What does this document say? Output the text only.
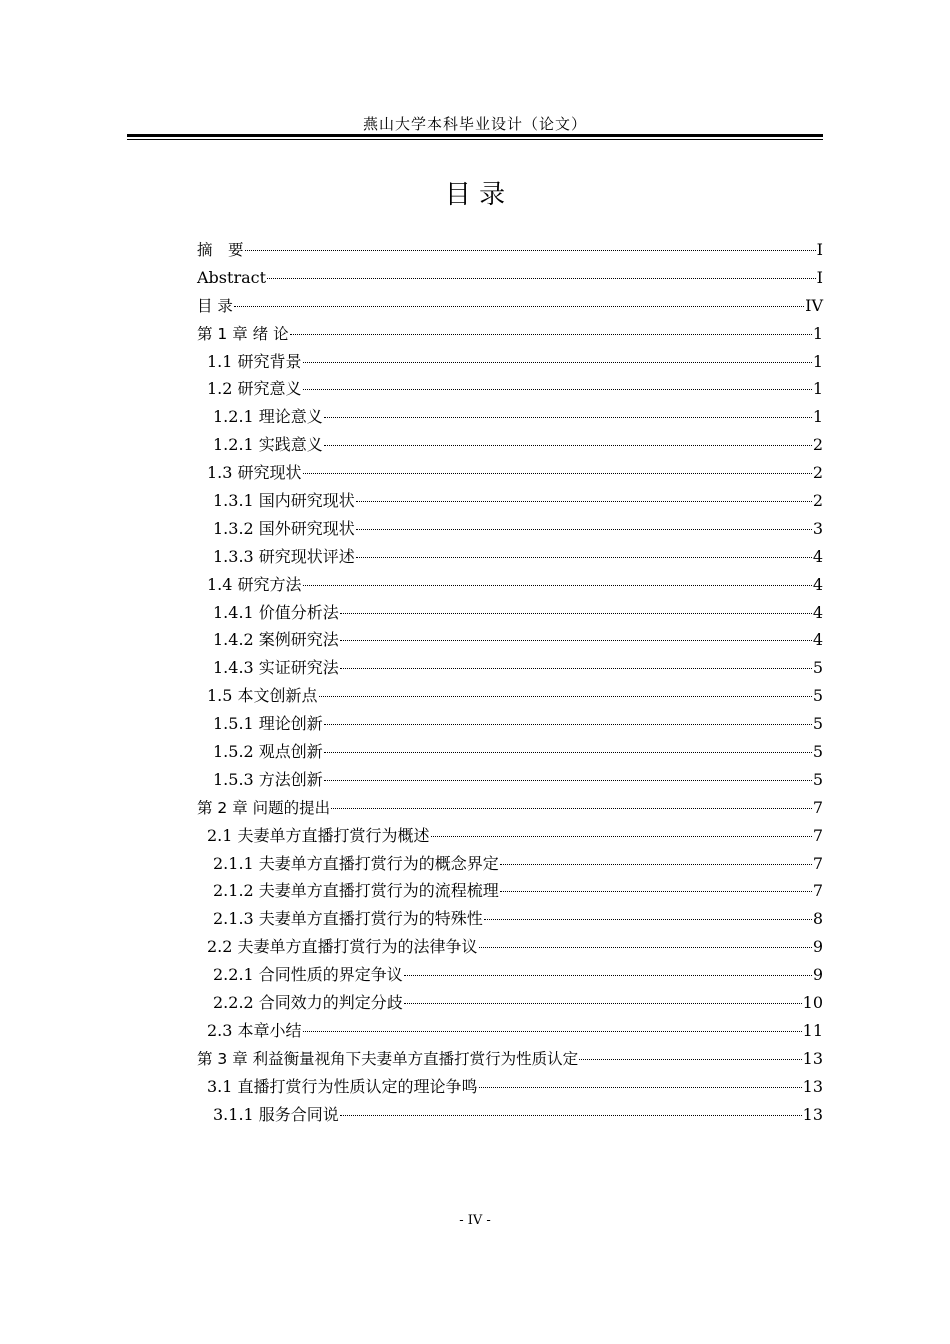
燕山大学本科毕业设计（论文）
目 录
摘　要	I
Abstract	I
目 录	IV
第 1 章 绪 论	1
1.1 研究背景	1
1.2 研究意义	1
1.2.1 理论意义	1
1.2.1 实践意义	2
1.3 研究现状	2
1.3.1 国内研究现状	2
1.3.2 国外研究现状	3
1.3.3 研究现状评述	4
1.4 研究方法	4
1.4.1 价值分析法	4
1.4.2 案例研究法	4
1.4.3 实证研究法	5
1.5 本文创新点	5
1.5.1 理论创新	5
1.5.2 观点创新	5
1.5.3 方法创新	5
第 2 章 问题的提出	7
2.1 夫妻单方直播打赏行为概述	7
2.1.1 夫妻单方直播打赏行为的概念界定	7
2.1.2 夫妻单方直播打赏行为的流程梳理	7
2.1.3 夫妻单方直播打赏行为的特殊性	8
2.2 夫妻单方直播打赏行为的法律争议	9
2.2.1 合同性质的界定争议	9
2.2.2 合同效力的判定分歧	10
2.3 本章小结	11
第 3 章 利益衡量视角下夫妻单方直播打赏行为性质认定	13
3.1 直播打赏行为性质认定的理论争鸣	13
3.1.1 服务合同说	13
- IV -
